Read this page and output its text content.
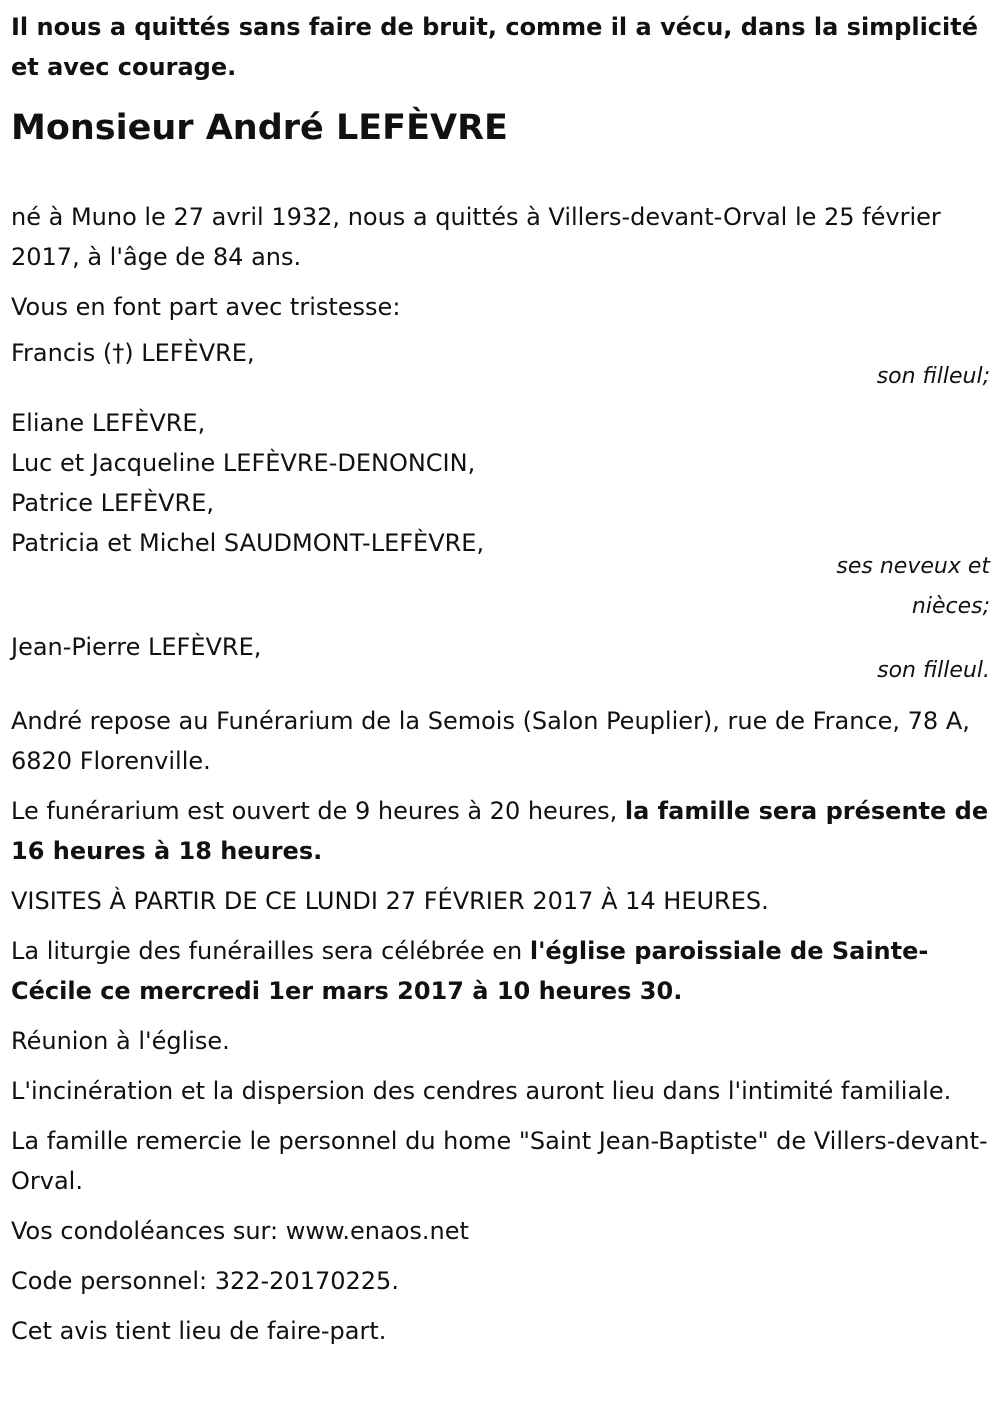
Il nous a quittés sans faire de bruit, comme il a vécu, dans la simplicité et avec courage.

Monsieur André LEFÈVRE

né à Muno le 27 avril 1932, nous a quittés à Villers-devant-Orval le 25 février 2017, à l'âge de 84 ans.

Vous en font part avec tristesse:

Francis (†) LEFÈVRE,

son filleul;

Eliane LEFÈVRE,

Luc et Jacqueline LEFÈVRE-DENONCIN,

Patrice LEFÈVRE,

Patricia et Michel SAUDMONT-LEFÈVRE,

ses neveux et nièces;

Jean-Pierre LEFÈVRE,

son filleul.

André repose au Funérarium de la Semois (Salon Peuplier), rue de France, 78 A, 6820 Florenville.

Le funérarium est ouvert de 9 heures à 20 heures, la famille sera présente de 16 heures à 18 heures.

VISITES À PARTIR DE CE LUNDI 27 FÉVRIER 2017 À 14 HEURES.

La liturgie des funérailles sera célébrée en l'église paroissiale de Sainte-Cécile ce mercredi 1er mars 2017 à 10 heures 30.

Réunion à l'église.

L'incinération et la dispersion des cendres auront lieu dans l'intimité familiale.

La famille remercie le personnel du home "Saint Jean-Baptiste" de Villers-devant-Orval.

Vos condoléances sur: www.enaos.net

Code personnel: 322-20170225.

Cet avis tient lieu de faire-part.
